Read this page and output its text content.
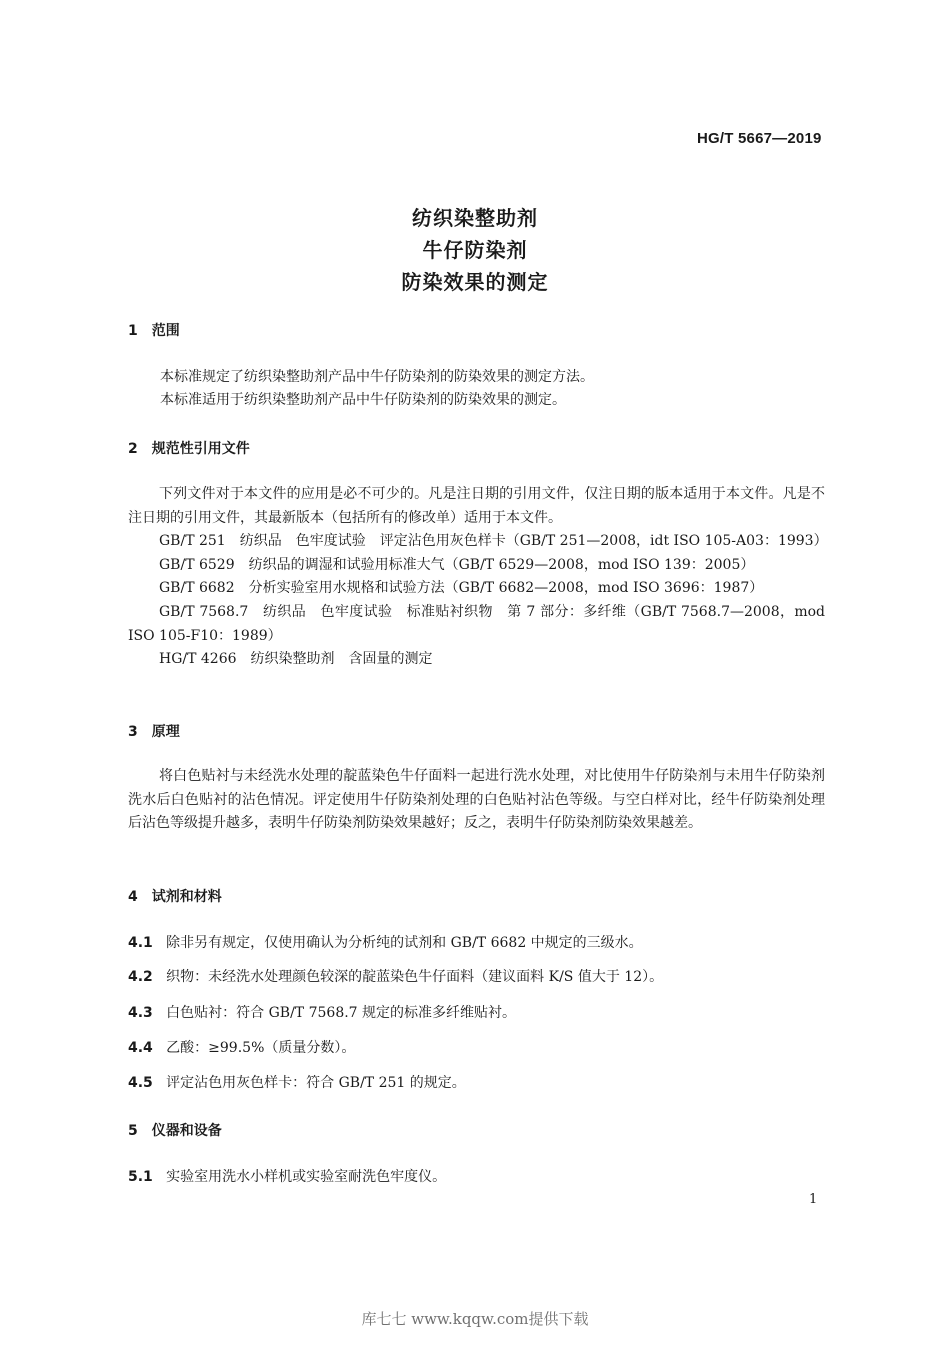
HG/T 5667—2019
纺织染整助剂
牛仔防染剂
防染效果的测定
1　范围
本标准规定了纺织染整助剂产品中牛仔防染剂的防染效果的测定方法。
本标准适用于纺织染整助剂产品中牛仔防染剂的防染效果的测定。
2　规范性引用文件

下列文件对于本文件的应用是必不可少的。凡是注日期的引用文件，仅注日期的版本适用于本文件。凡是不注日期的引用文件，其最新版本（包括所有的修改单）适用于本文件。

GB/T 251　纺织品　色牢度试验　评定沾色用灰色样卡（GB/T 251—2008，idt ISO 105-A03：1993）

GB/T 6529　纺织品的调湿和试验用标准大气（GB/T 6529—2008，mod ISO 139：2005）

GB/T 6682　分析实验室用水规格和试验方法（GB/T 6682—2008，mod ISO 3696：1987）

GB/T 7568.7　纺织品　色牢度试验　标准贴衬织物　第 7 部分：多纤维（GB/T 7568.7—2008，mod ISO 105-F10：1989）

HG/T 4266　纺织染整助剂　含固量的测定

3　原理

将白色贴衬与未经洗水处理的靛蓝染色牛仔面料一起进行洗水处理，对比使用牛仔防染剂与未用牛仔防染剂洗水后白色贴衬的沾色情况。评定使用牛仔防染剂处理的白色贴衬沾色等级。与空白样对比，经牛仔防染剂处理后沾色等级提升越多，表明牛仔防染剂防染效果越好；反之，表明牛仔防染剂防染效果越差。

4　试剂和材料
4.1 除非另有规定，仅使用确认为分析纯的试剂和 GB/T 6682 中规定的三级水。
4.2 织物：未经洗水处理颜色较深的靛蓝染色牛仔面料（建议面料 K/S 值大于 12）。
4.3 白色贴衬：符合 GB/T 7568.7 规定的标准多纤维贴衬。
4.4 乙酸：≥99.5%（质量分数）。
4.5 评定沾色用灰色样卡：符合 GB/T 251 的规定。
5　仪器和设备
5.1 实验室用洗水小样机或实验室耐洗色牢度仪。
1
库七七 www.kqqw.com提供下载
